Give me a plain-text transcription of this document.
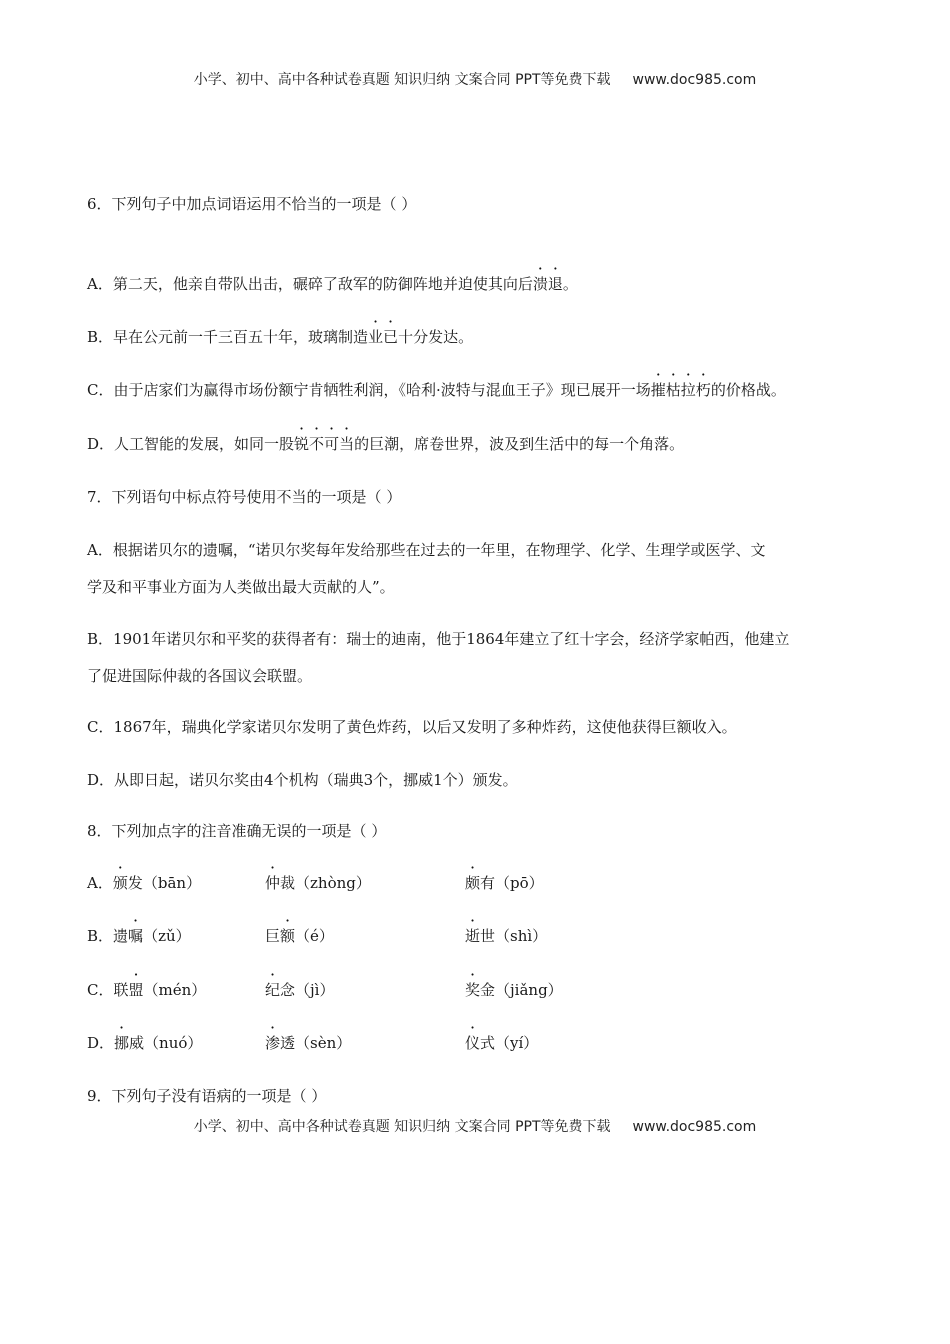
小学、初中、高中各种试卷真题 知识归纳 文案合同 PPT等免费下载 www.doc985.com
6．下列句子中加点词语运用不恰当的一项是（ ）
A．第二天，他亲自带队出击，碾碎了敌军的防御阵地并迫使其向后溃退。
B．早在公元前一千三百五十年，玻璃制造业已十分发达。
C．由于店家们为赢得市场份额宁肯牺牲利润，《哈利·波特与混血王子》现已展开一场摧枯拉朽的价格战。
D．人工智能的发展，如同一股锐不可当的巨潮，席卷世界，波及到生活中的每一个角落。
7．下列语句中标点符号使用不当的一项是（ ）
A．根据诺贝尔的遗嘱，“诺贝尔奖每年发给那些在过去的一年里，在物理学、化学、生理学或医学、文
学及和平事业方面为人类做出最大贡献的人”。
B．1901年诺贝尔和平奖的获得者有：瑞士的迪南，他于1864年建立了红十字会，经济学家帕西，他建立
了促进国际仲裁的各国议会联盟。
C．1867年，瑞典化学家诺贝尔发明了黄色炸药，以后又发明了多种炸药，这使他获得巨额收入。
D．从即日起，诺贝尔奖由4个机构（瑞典3个，挪威1个）颁发。
8．下列加点字的注音准确无误的一项是（ ）
A．颁发（bān）	仲裁（zhòng）	颇有（pō）
B．遗嘱（zǔ）	巨额（é）	逝世（shì）
C．联盟（mén）	纪念（jì）	奖金（jiǎng）
D．挪威（nuó）	渗透（sèn）	仪式（yí）
9．下列句子没有语病的一项是（ ）
小学、初中、高中各种试卷真题 知识归纳 文案合同 PPT等免费下载 www.doc985.com
